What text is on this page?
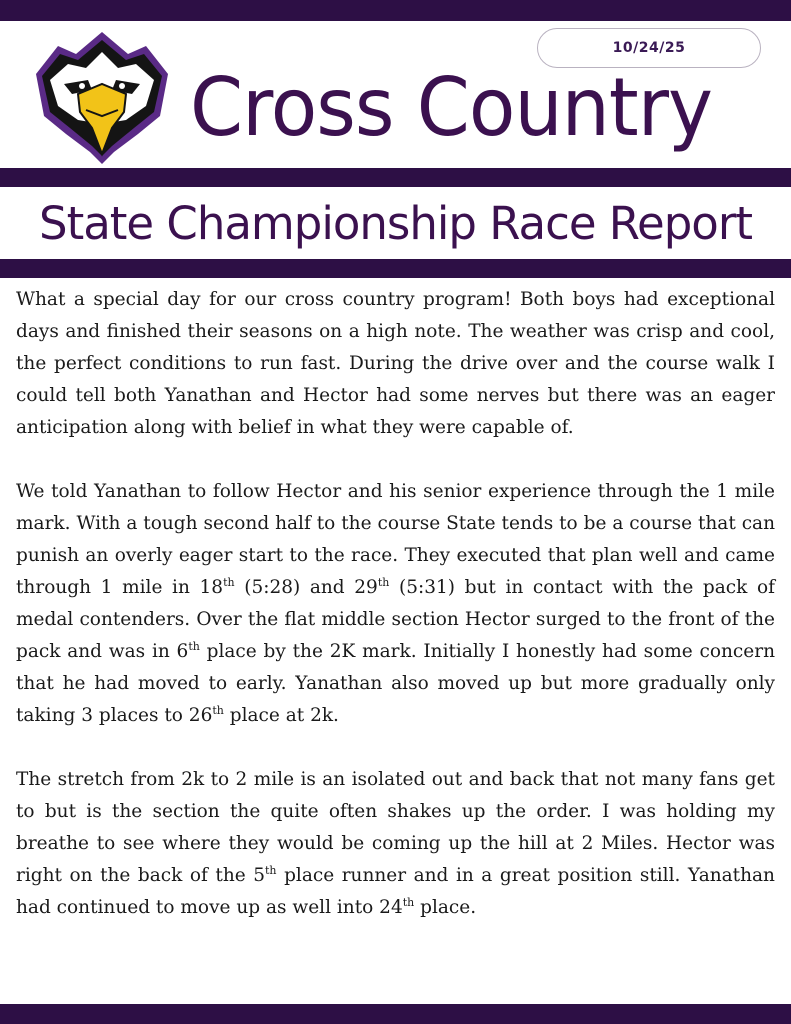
10/24/25
Cross Country
State Championship Race Report

What a special day for our cross country program! Both boys had exceptional days and finished their seasons on a high note. The weather was crisp and cool, the perfect conditions to run fast. During the drive over and the course walk I could tell both Yanathan and Hector had some nerves but there was an eager anticipation along with belief in what they were capable of.

We told Yanathan to follow Hector and his senior experience through the 1 mile mark. With a tough second half to the course State tends to be a course that can punish an overly eager start to the race. They executed that plan well and came through 1 mile in 18th (5:28) and 29th (5:31) but in contact with the pack of medal contenders. Over the flat middle section Hector surged to the front of the pack and was in 6th place by the 2K mark. Initially I honestly had some concern that he had moved to early. Yanathan also moved up but more gradually only taking 3 places to 26th place at 2k.

The stretch from 2k to 2 mile is an isolated out and back that not many fans get to but is the section the quite often shakes up the order. I was holding my breathe to see where they would be coming up the hill at 2 Miles. Hector was right on the back of the 5th place runner and in a great position still. Yanathan had continued to move up as well into 24th place.
